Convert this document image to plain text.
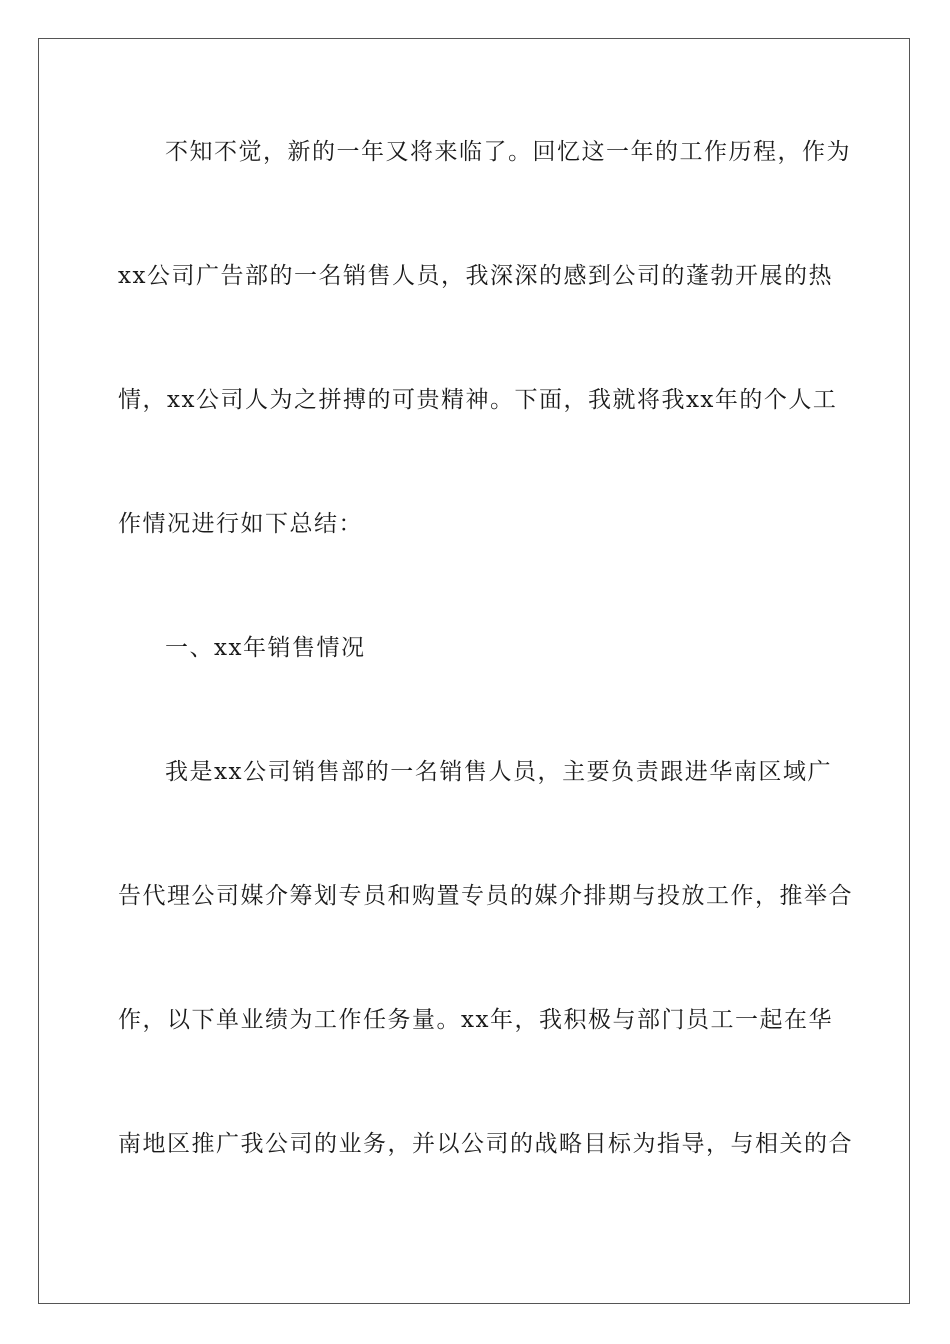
不知不觉，新的一年又将来临了。回忆这一年的工作历程，作为
xx公司广告部的一名销售人员，我深深的感到公司的蓬勃开展的热
情，xx公司人为之拼搏的可贵精神。下面，我就将我xx年的个人工
作情况进行如下总结：
一、xx年销售情况
我是xx公司销售部的一名销售人员，主要负责跟进华南区域广
告代理公司媒介筹划专员和购置专员的媒介排期与投放工作，推举合
作，以下单业绩为工作任务量。xx年，我积极与部门员工一起在华
南地区推广我公司的业务，并以公司的战略目标为指导，与相关的合
